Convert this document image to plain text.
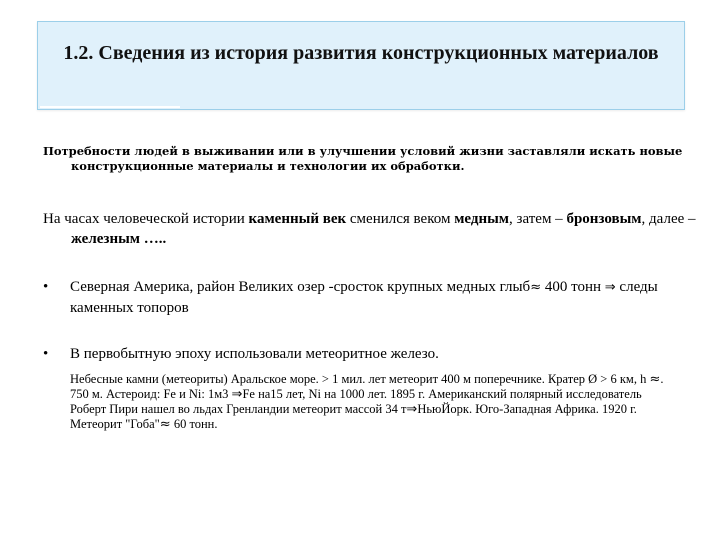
1.2. Сведения из история развития конструкционных материалов
Потребности людей в выживании или в улучшении условий жизни заставляли искать новые конструкционные материалы и технологии их обработки.
На часах человеческой истории каменный век сменился веком медным, затем – бронзовым, далее – железным …..
•	Северная Америка, район Великих озер -сросток крупных медных глыб≈ 400 тонн ⇒ следы каменных топоров
•	В первобытную эпоху использовали метеоритное железо.
Небесные камни (метеориты) Аральское море. > 1 мил. лет метеорит 400 м поперечнике. Кратер Ø > 6 км, h ≈. 750 м. Астероид: Fe и Ni: 1м3 ⇒Fe на15 лет, Ni на 1000 лет. 1895 г. Американский полярный исследователь Роберт Пири нашел во льдах Гренландии метеорит массой 34 т⇒НьюЙорк. Юго-Западная Африка. 1920 г. Метеорит "Гоба"≈ 60 тонн.
